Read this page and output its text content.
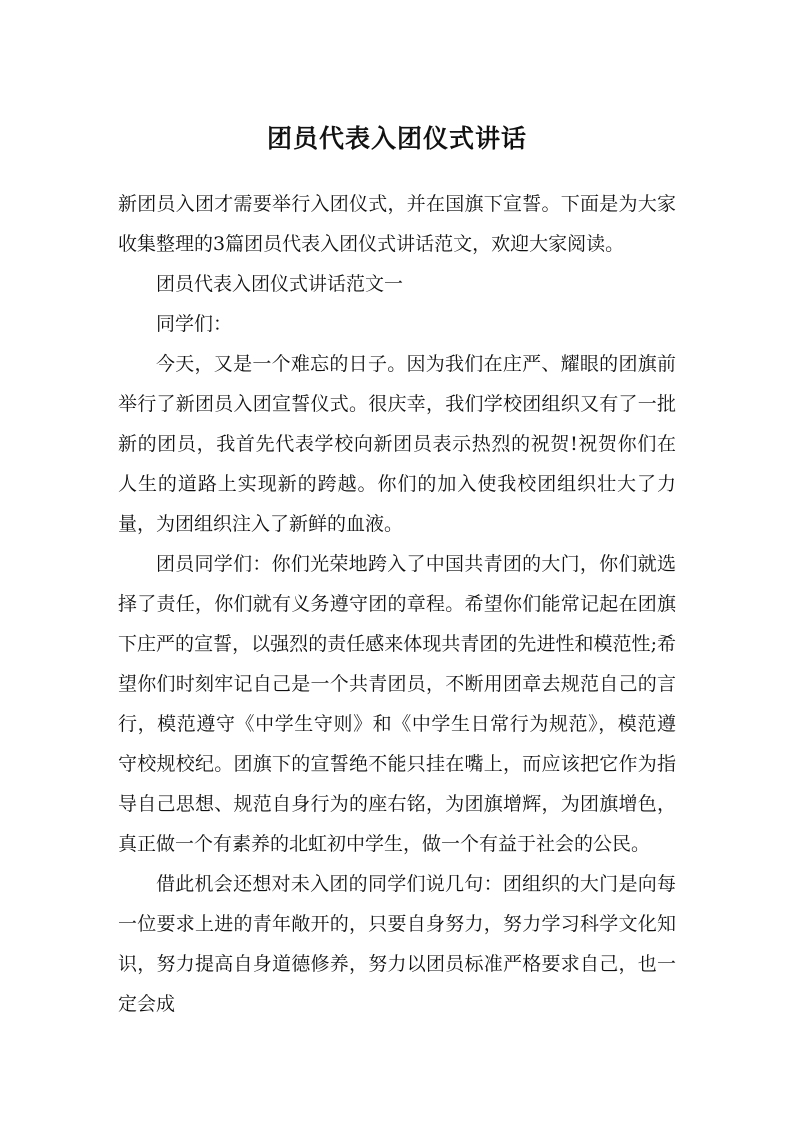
团员代表入团仪式讲话

新团员入团才需要举行入团仪式，并在国旗下宣誓。下面是为大家收集整理的3篇团员代表入团仪式讲话范文，欢迎大家阅读。

团员代表入团仪式讲话范文一

同学们：

今天，又是一个难忘的日子。因为我们在庄严、耀眼的团旗前举行了新团员入团宣誓仪式。很庆幸，我们学校团组织又有了一批新的团员，我首先代表学校向新团员表示热烈的祝贺!祝贺你们在人生的道路上实现新的跨越。你们的加入使我校团组织壮大了力量，为团组织注入了新鲜的血液。

团员同学们：你们光荣地跨入了中国共青团的大门，你们就选择了责任，你们就有义务遵守团的章程。希望你们能常记起在团旗下庄严的宣誓，以强烈的责任感来体现共青团的先进性和模范性;希望你们时刻牢记自己是一个共青团员，不断用团章去规范自己的言行，模范遵守《中学生守则》和《中学生日常行为规范》，模范遵守校规校纪。团旗下的宣誓绝不能只挂在嘴上，而应该把它作为指导自己思想、规范自身行为的座右铭，为团旗增辉，为团旗增色，真正做一个有素养的北虹初中学生，做一个有益于社会的公民。

借此机会还想对未入团的同学们说几句：团组织的大门是向每一位要求上进的青年敞开的，只要自身努力，努力学习科学文化知识，努力提高自身道德修养，努力以团员标准严格要求自己，也一定会成
